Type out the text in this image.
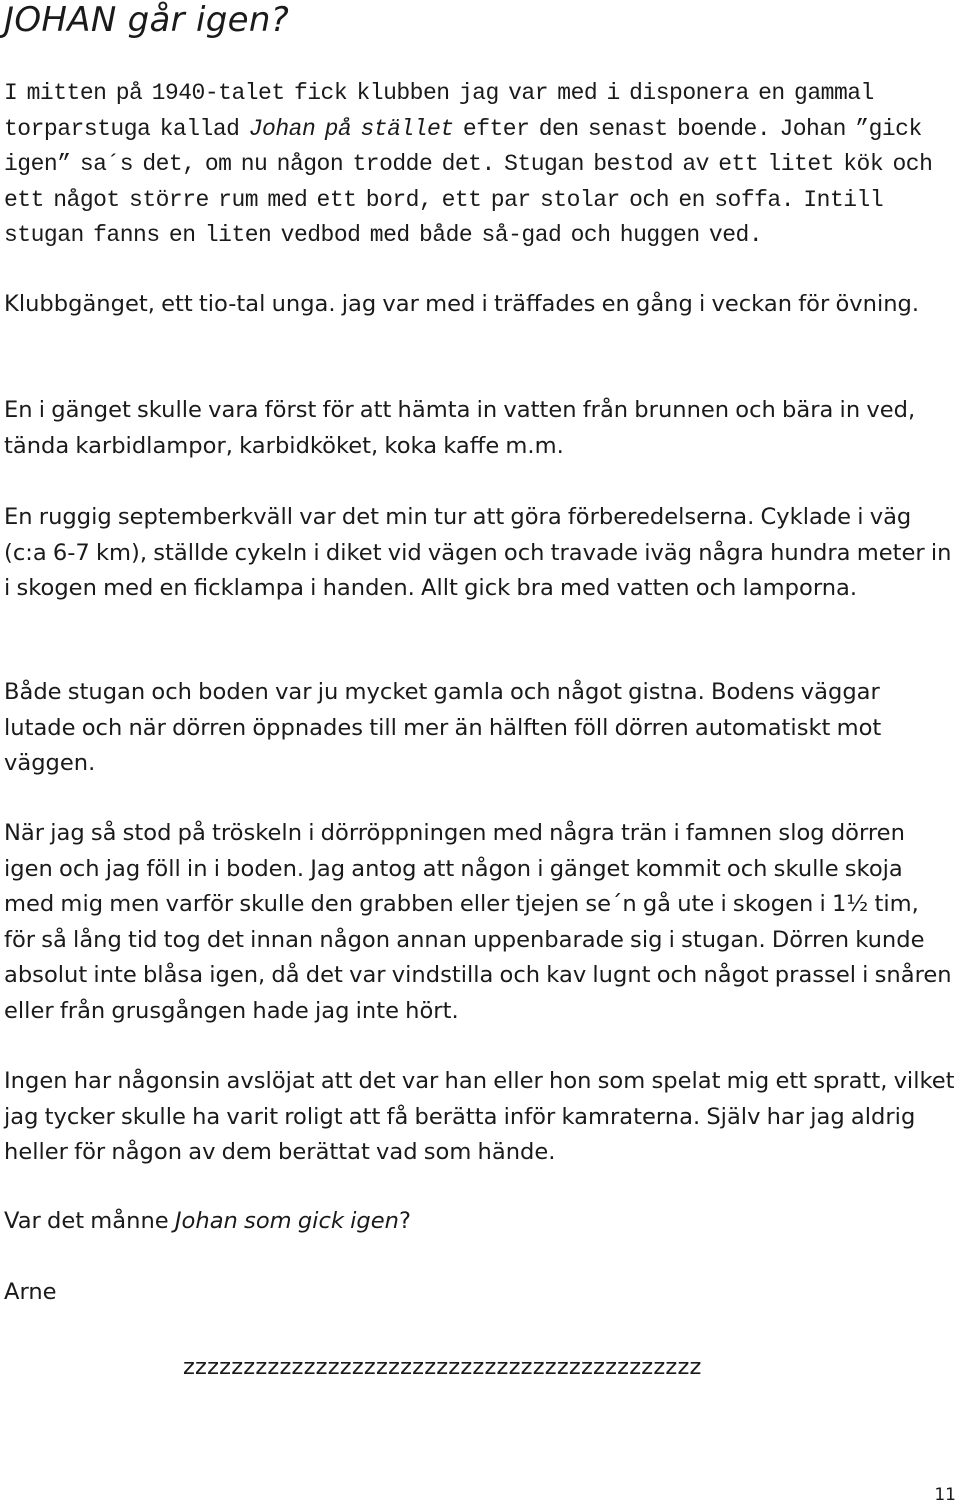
JOHAN går igen?

I mitten på 1940-talet fick klubben jag var med i disponera en gammal torparstuga kallad Johan på stället efter den senast boende. Johan ”gick igen” sa´s det, om nu någon trodde det. Stugan bestod av ett litet kök och ett något större rum med ett bord, ett par stolar och en soffa. Intill stugan fanns en liten vedbod med både så-gad och huggen ved.

Klubbgänget, ett tio-tal unga. jag var med i träffades en gång i veckan för övning.

En i gänget skulle vara först för att hämta in vatten från brunnen och bära in ved, tända karbidlampor, karbidköket, koka kaffe m.m.

En ruggig septemberkväll var det min tur att göra förberedelserna. Cyklade i väg (c:a 6-7 km), ställde cykeln i diket vid vägen och travade iväg några hundra meter in i skogen med en ficklampa i handen. Allt gick bra med vatten och lamporna.

Både stugan och boden var ju mycket gamla och något gistna. Bodens väggar lutade och när dörren öppnades till mer än hälften föll dörren automatiskt mot väggen.

När jag så stod på tröskeln i dörröppningen med några trän i famnen slog dörren igen och jag föll in i boden. Jag antog att någon i gänget kommit och skulle skoja med mig men varför skulle den grabben eller tjejen se´n gå ute i skogen i 1½ tim, för så lång tid tog det innan någon annan uppenbarade sig i stugan. Dörren kunde absolut inte blåsa igen, då det var vindstilla och kav lugnt och något prassel i snåren eller från grusgången hade jag inte hört.

Ingen har någonsin avslöjat att det var han eller hon som spelat mig ett spratt, vilket jag tycker skulle ha varit roligt att få berätta inför kamraterna. Själv har jag aldrig heller för någon av dem berättat vad som hände.

Var det månne Johan som gick igen?

Arne

zzzzzzzzzzzzzzzzzzzzzzzzzzzzzzzzzzzzzzzzzzz

11
